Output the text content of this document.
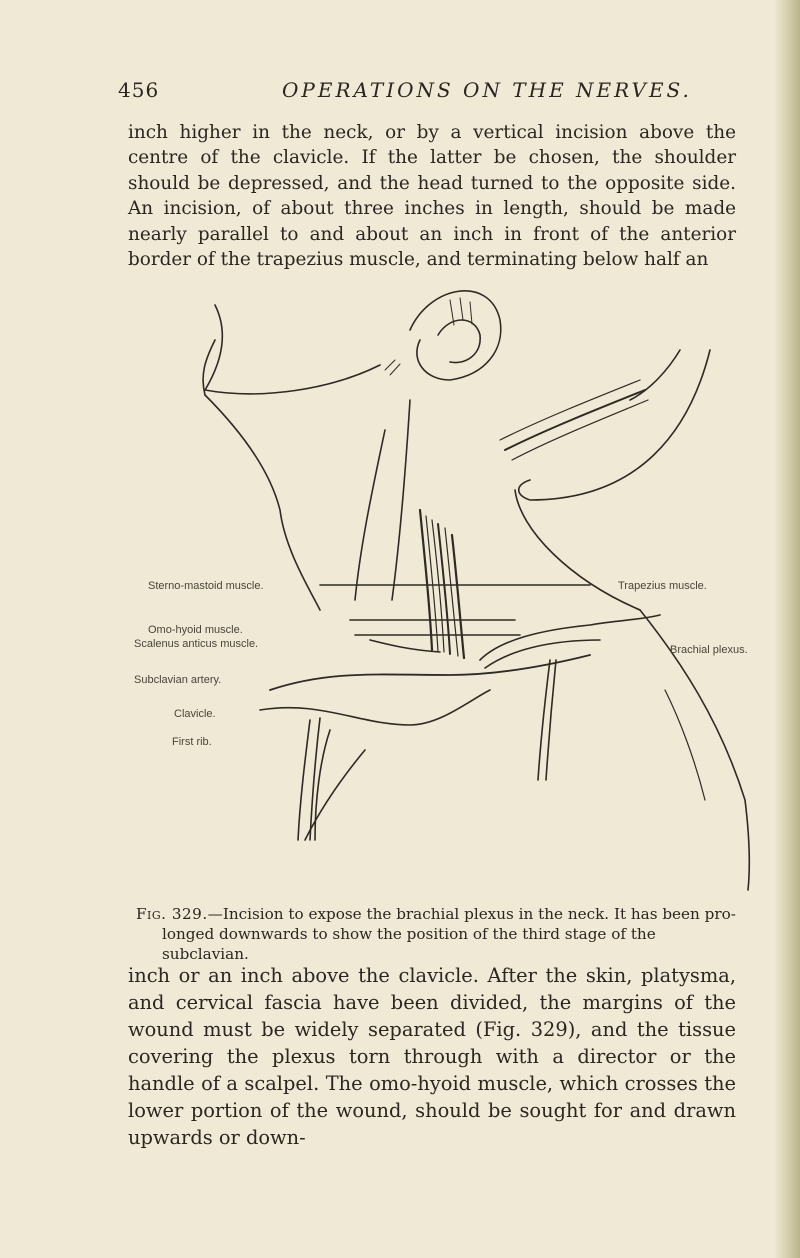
456	OPERATIONS ON THE NERVES.

inch higher in the neck, or by a vertical incision above the centre of the clavicle. If the latter be chosen, the shoulder should be depressed, and the head turned to the opposite side. An incision, of about three inches in length, should be made nearly parallel to and about an inch in front of the anterior border of the trapezius muscle, and terminating below half an

Sterno-mastoid muscle.
Omo-hyoid muscle.
Scalenus anticus muscle.
Subclavian artery.
Clavicle.
First rib.
Trapezius muscle.
Brachial plexus.
Fig. 329.—Incision to expose the brachial plexus in the neck. It has been pro-
longed downwards to show the position of the third stage of the subclavian.

inch or an inch above the clavicle. After the skin, platysma, and cervical fascia have been divided, the margins of the wound must be widely separated (Fig. 329), and the tissue covering the plexus torn through with a director or the handle of a scalpel. The omo-hyoid muscle, which crosses the lower portion of the wound, should be sought for and drawn upwards or down-
